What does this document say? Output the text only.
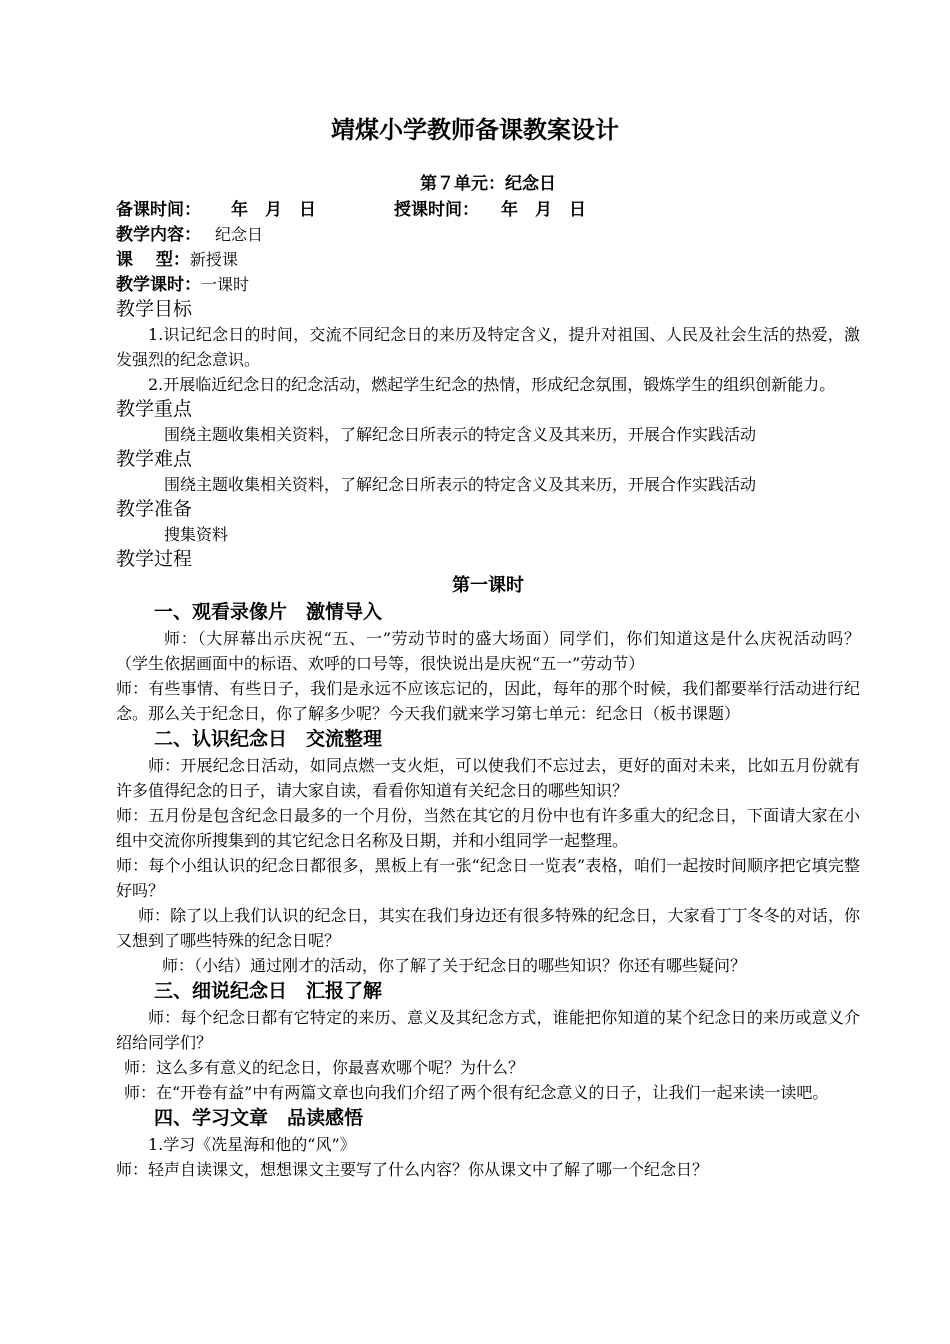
靖煤小学教师备课教案设计
第７单元：纪念日
备课时间： 年　月　日	授课时间： 年　月　日
教学内容： 纪念日
课　 型：新授课
教学课时：一课时
教学目标

1.识记纪念日的时间，交流不同纪念日的来历及特定含义，提升对祖国、人民及社会生活的热爱，激发强烈的纪念意识。

2.开展临近纪念日的纪念活动，燃起学生纪念的热情，形成纪念氛围，锻炼学生的组织创新能力。

教学重点

围绕主题收集相关资料，了解纪念日所表示的特定含义及其来历，开展合作实践活动

教学难点

围绕主题收集相关资料，了解纪念日所表示的特定含义及其来历，开展合作实践活动

教学准备

搜集资料

教学过程
第一课时
一、观看录像片　激情导入

师：（大屏幕出示庆祝“五、一”劳动节时的盛大场面）同学们，你们知道这是什么庆祝活动吗？（学生依据画面中的标语、欢呼的口号等，很快说出是庆祝“五一”劳动节）

师：有些事情、有些日子，我们是永远不应该忘记的，因此，每年的那个时候，我们都要举行活动进行纪念。那么关于纪念日，你了解多少呢？今天我们就来学习第七单元：纪念日（板书课题）

二、认识纪念日　交流整理

师：开展纪念日活动，如同点燃一支火炬，可以使我们不忘过去，更好的面对未来，比如五月份就有许多值得纪念的日子，请大家自读，看看你知道有关纪念日的哪些知识？

师：五月份是包含纪念日最多的一个月份，当然在其它的月份中也有许多重大的纪念日，下面请大家在小组中交流你所搜集到的其它纪念日名称及日期，并和小组同学一起整理。

师：每个小组认识的纪念日都很多，黑板上有一张“纪念日一览表”表格，咱们一起按时间顺序把它填完整好吗？

师：除了以上我们认识的纪念日，其实在我们身边还有很多特殊的纪念日，大家看丁丁冬冬的对话，你又想到了哪些特殊的纪念日呢？

师：（小结）通过刚才的活动，你了解了关于纪念日的哪些知识？你还有哪些疑问？

三、细说纪念日　汇报了解

师：每个纪念日都有它特定的来历、意义及其纪念方式，谁能把你知道的某个纪念日的来历或意义介绍给同学们？

师：这么多有意义的纪念日，你最喜欢哪个呢？为什么？

师：在“开卷有益”中有两篇文章也向我们介绍了两个很有纪念意义的日子，让我们一起来读一读吧。

四、学习文章　品读感悟

1.学习《冼星海和他的“风”》

师：轻声自读课文，想想课文主要写了什么内容？你从课文中了解了哪一个纪念日？
